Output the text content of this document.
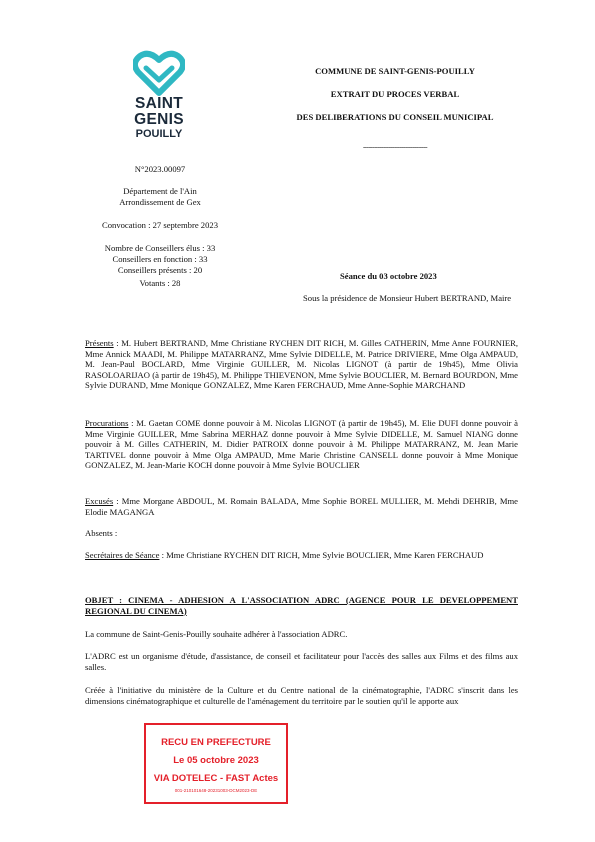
SAINT
GENIS
POUILLY
COMMUNE DE SAINT-GENIS-POUILLY
EXTRAIT DU PROCES VERBAL
DES DELIBERATIONS DU CONSEIL MUNICIPAL
-----------------------------------
N°2023.00097
Département de l'Ain
Arrondissement de Gex
Convocation : 27 septembre 2023
Nombre de Conseillers élus : 33
Conseillers en fonction : 33
Conseillers présents : 20
Votants : 28
Séance du 03 octobre 2023
Sous la présidence de Monsieur Hubert BERTRAND, Maire

Présents : M. Hubert BERTRAND, Mme Christiane RYCHEN DIT RICH, M. Gilles CATHERIN, Mme Anne FOURNIER, Mme Annick MAADI, M. Philippe MATARRANZ, Mme Sylvie DIDELLE, M. Patrice DRIVIERE, Mme Olga AMPAUD, M. Jean-Paul BOCLARD, Mme Virginie GUILLER, M. Nicolas LIGNOT (à partir de 19h45), Mme Olivia RASOLOARIJAO (à partir de 19h45), M. Philippe THIEVENON, Mme Sylvie BOUCLIER, M. Bernard BOURDON, Mme Sylvie DURAND, Mme Monique GONZALEZ, Mme Karen FERCHAUD, Mme Anne-Sophie MARCHAND

Procurations : M. Gaetan COME donne pouvoir à M. Nicolas LIGNOT (à partir de 19h45), M. Elie DUFI donne pouvoir à Mme Virginie GUILLER, Mme Sabrina MERHAZ donne pouvoir à Mme Sylvie DIDELLE, M. Samuel NIANG donne pouvoir à M. Gilles CATHERIN, M. Didier PATROIX donne pouvoir à M. Philippe MATARRANZ, M. Jean Marie TARTIVEL donne pouvoir à Mme Olga AMPAUD, Mme Marie Christine CANSELL donne pouvoir à Mme Monique GONZALEZ, M. Jean-Marie KOCH donne pouvoir à Mme Sylvie BOUCLIER

Excusés : Mme Morgane ABDOUL, M. Romain BALADA, Mme Sophie BOREL MULLIER, M. Mehdi DEHRIB, Mme Elodie MAGANGA

Absents :

Secrétaires de Séance : Mme Christiane RYCHEN DIT RICH, Mme Sylvie BOUCLIER, Mme Karen FERCHAUD

OBJET : CINEMA - ADHESION A L'ASSOCIATION ADRC (AGENCE POUR LE DEVELOPPEMENT REGIONAL DU CINEMA)

La commune de Saint-Genis-Pouilly souhaite adhérer à l'association ADRC.

L'ADRC est un organisme d'étude, d'assistance, de conseil et facilitateur pour l'accès des salles aux Films et des films aux salles.

Créée à l'initiative du ministère de la Culture et du Centre national de la cinématographie, l'ADRC s'inscrit dans les dimensions cinématographique et culturelle de l'aménagement du territoire par le soutien qu'il le apporte aux

RECU EN PREFECTURE
Le 05 octobre 2023
VIA DOTELEC - FAST Actes
001-210101648-20231003-DCM2023-DE
